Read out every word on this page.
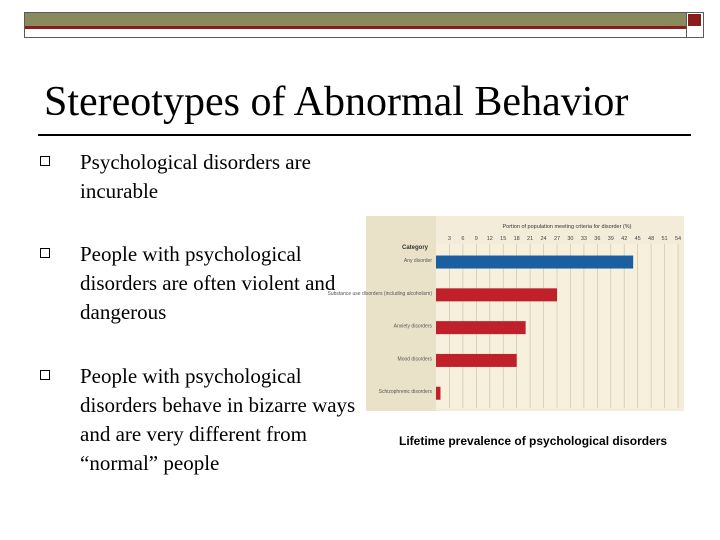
Stereotypes of Abnormal Behavior
Psychological disorders are incurable
People with psychological disorders are often violent and dangerous
People with psychological disorders behave in bizarre ways and are very different from “normal” people
Portion of population meeting criteria for disorder (%)
Category
3 6 9 12 15 18 21 24 27 30 33 36 39 42 45 48 51 54
Any disorder
Substance use disorders (including alcoholism)
Anxiety disorders
Mood disorders
Schizophrenic disorders
Lifetime prevalence of psychological disorders
